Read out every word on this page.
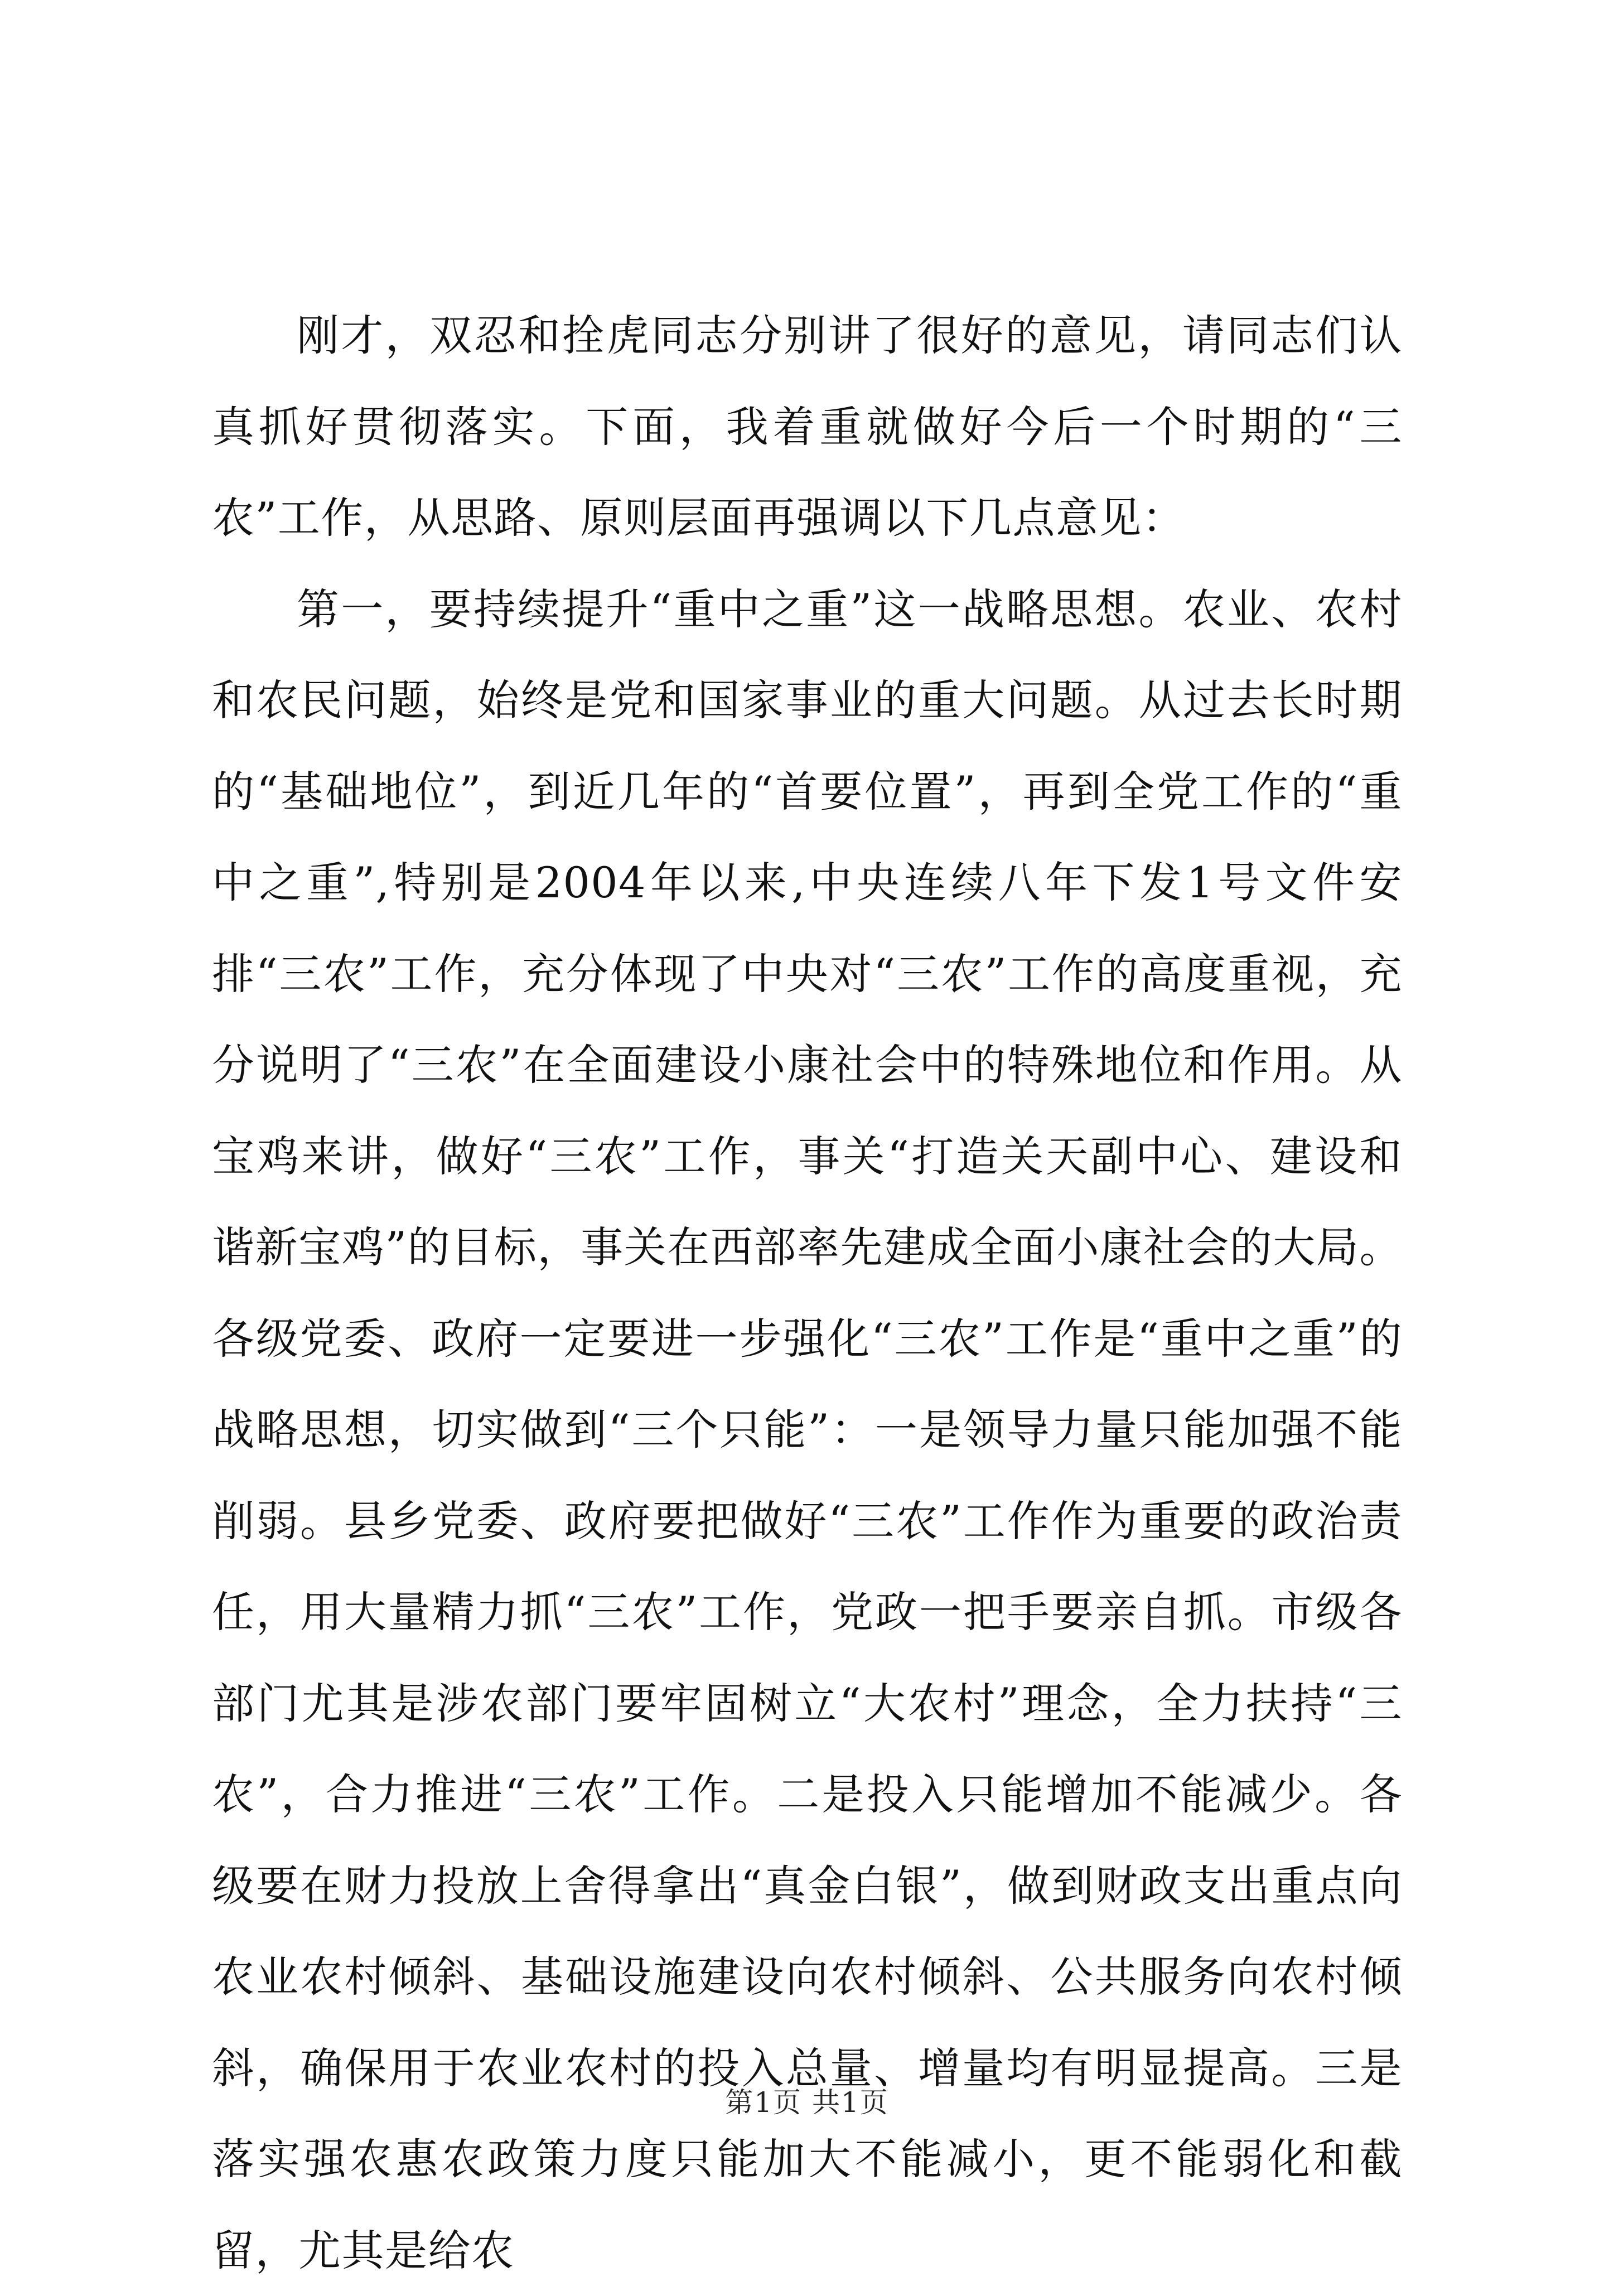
刚才，双忍和拴虎同志分别讲了很好的意见，请同志们认真抓好贯彻落实。下面，我着重就做好今后一个时期的“三农”工作，从思路、原则层面再强调以下几点意见：

第一，要持续提升“重中之重”这一战略思想。农业、农村和农民问题，始终是党和国家事业的重大问题。从过去长时期的“基础地位”，到近几年的“首要位置”，再到全党工作的“重中之重”,特别是2004年以来,中央连续八年下发1号文件安排“三农”工作，充分体现了中央对“三农”工作的高度重视，充分说明了“三农”在全面建设小康社会中的特殊地位和作用。从宝鸡来讲，做好“三农”工作，事关“打造关天副中心、建设和谐新宝鸡”的目标，事关在西部率先建成全面小康社会的大局。各级党委、政府一定要进一步强化“三农”工作是“重中之重”的战略思想，切实做到“三个只能”：一是领导力量只能加强不能削弱。县乡党委、政府要把做好“三农”工作作为重要的政治责任，用大量精力抓“三农”工作，党政一把手要亲自抓。市级各部门尤其是涉农部门要牢固树立“大农村”理念，全力扶持“三农”，合力推进“三农”工作。二是投入只能增加不能减少。各级要在财力投放上舍得拿出“真金白银”，做到财政支出重点向农业农村倾斜、基础设施建设向农村倾斜、公共服务向农村倾斜，确保用于农业农村的投入总量、增量均有明显提高。三是落实强农惠农政策力度只能加大不能减小，更不能弱化和截留，尤其是给农

第1页 共1页
